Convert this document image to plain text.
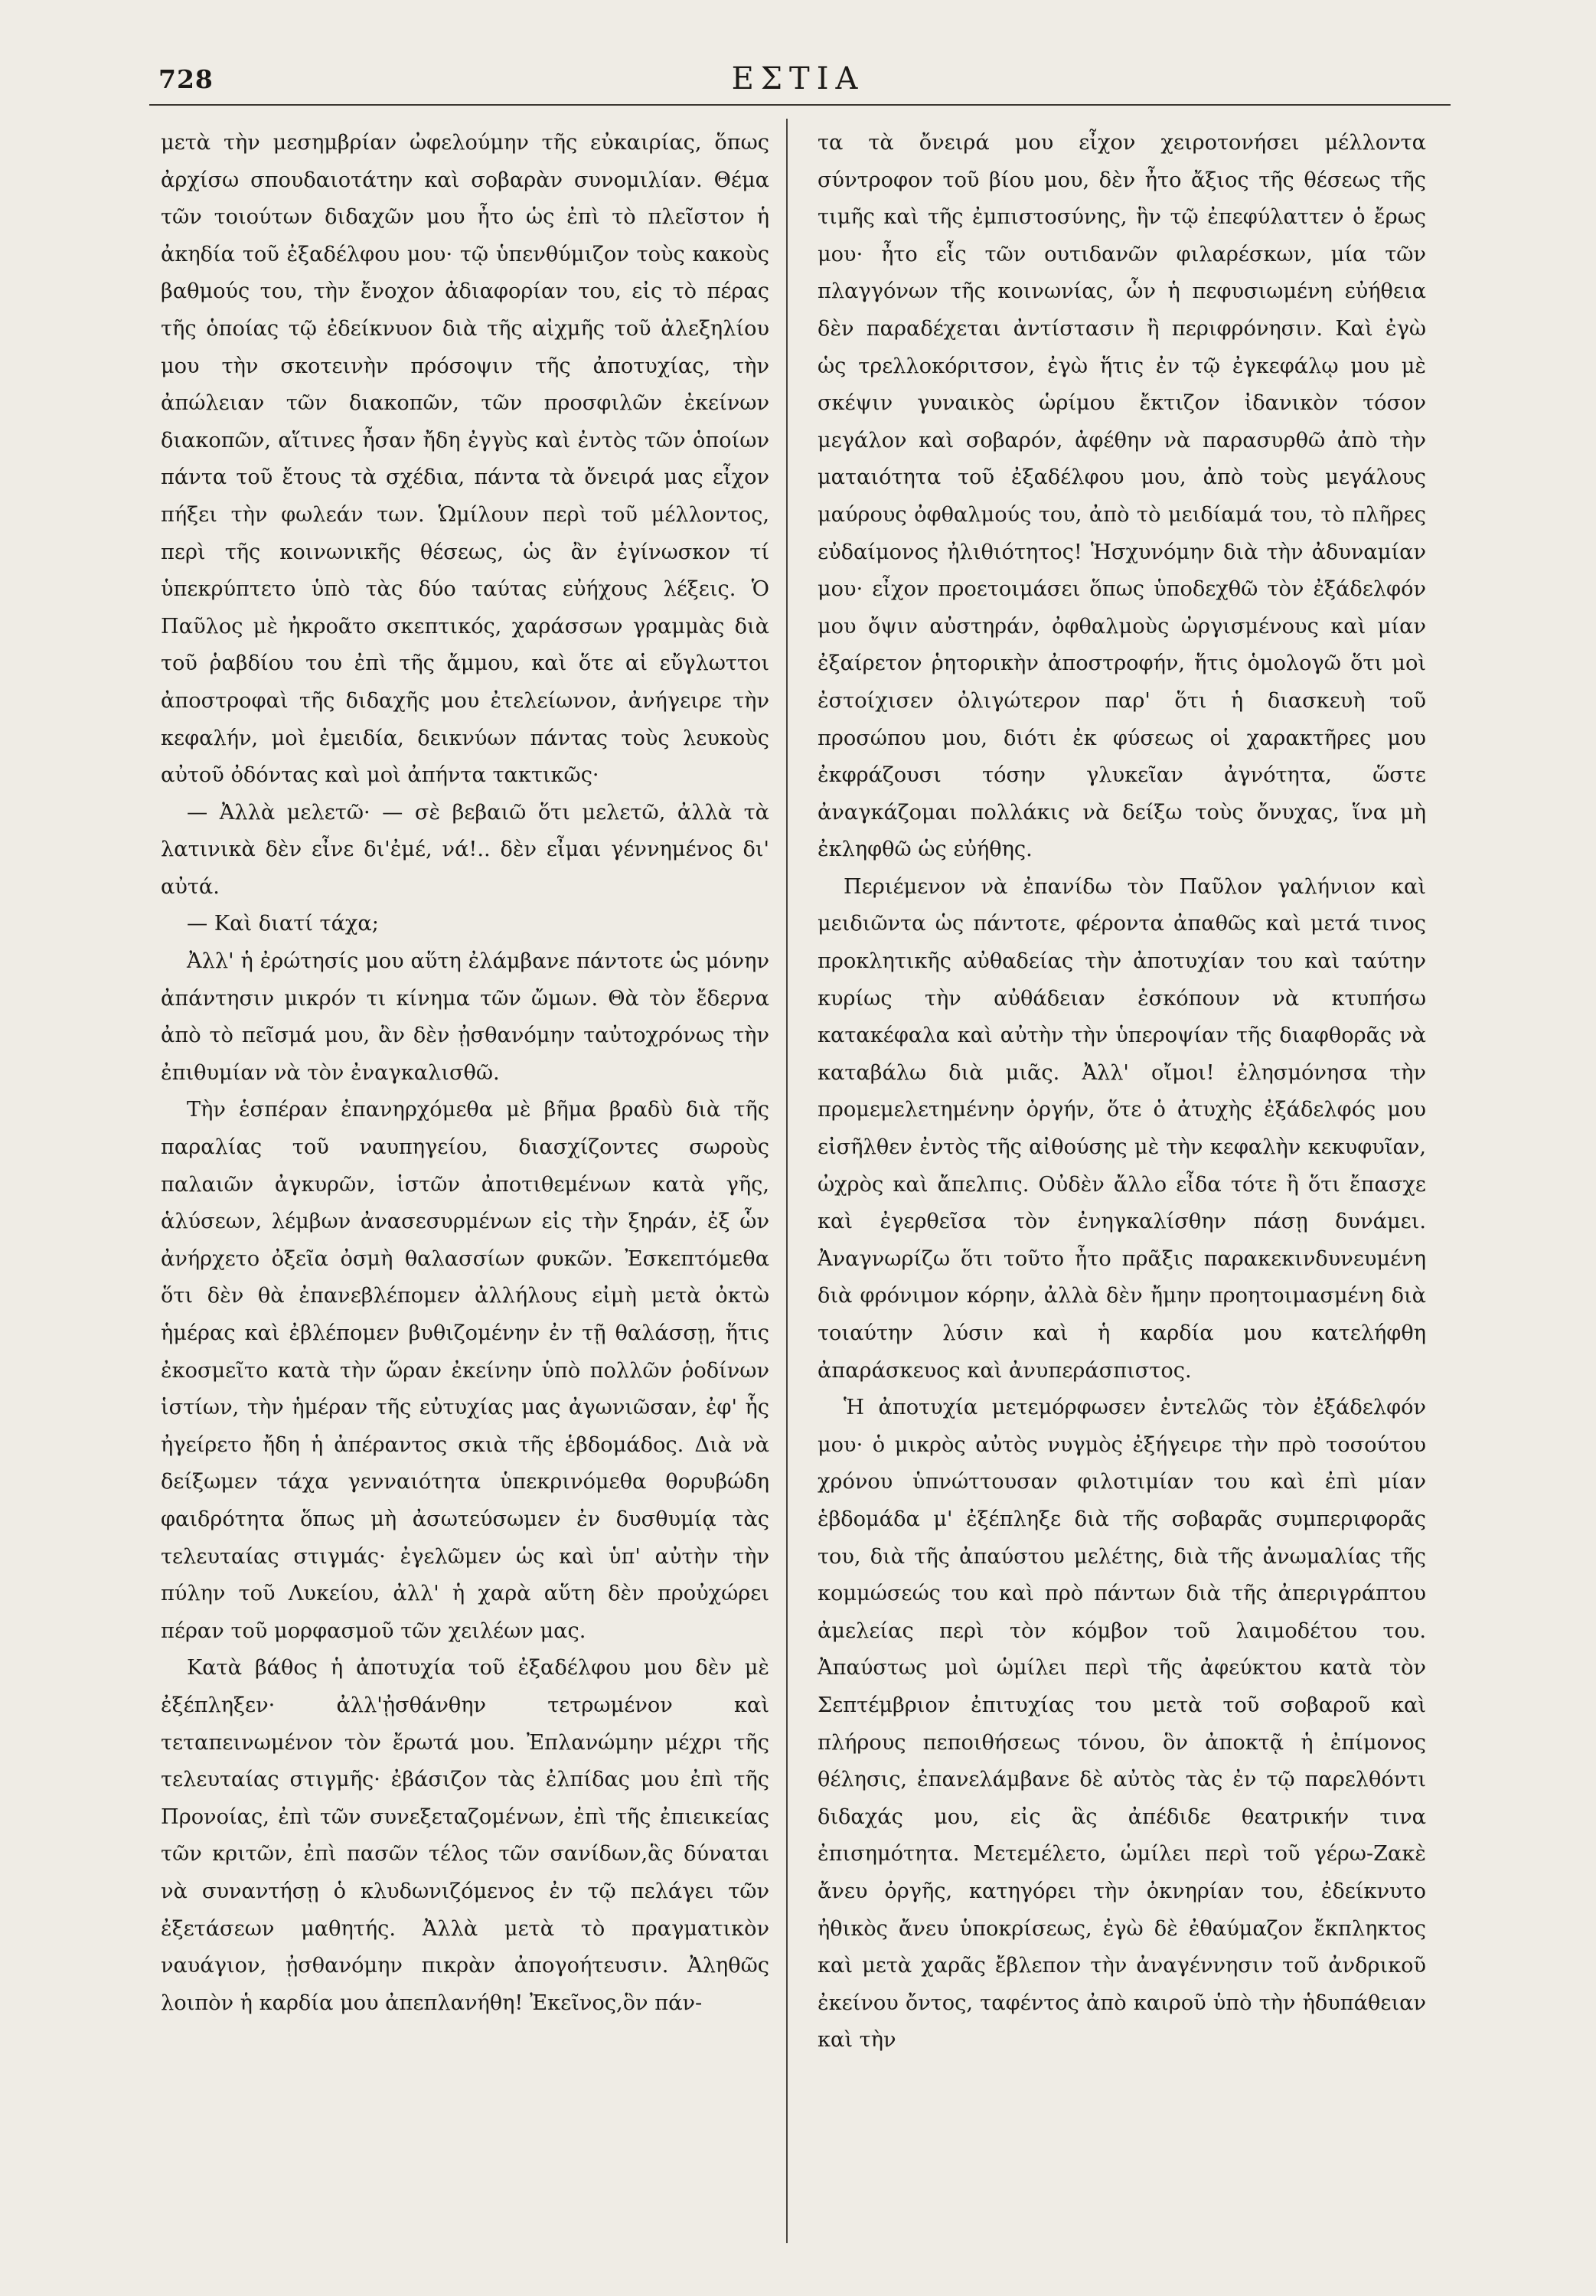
728	ΕΣΤΙΑ

μετὰ τὴν μεσημβρίαν ὠφελούμην τῆς εὐκαιρίας, ὅπως ἀρχίσω σπουδαιοτάτην καὶ σοβαρὰν συνομιλίαν. Θέμα τῶν τοιούτων διδαχῶν μου ἦτο ὡς ἐπὶ τὸ πλεῖστον ἡ ἀκηδία τοῦ ἐξαδέλφου μου· τῷ ὑπενθύμιζον τοὺς κακοὺς βαθμούς του, τὴν ἔνοχον ἀδιαφορίαν του, εἰς τὸ πέρας τῆς ὁποίας τῷ ἐδείκνυον διὰ τῆς αἰχμῆς τοῦ ἀλεξηλίου μου τὴν σκοτεινὴν πρόσοψιν τῆς ἀποτυχίας, τὴν ἀπώλειαν τῶν διακοπῶν, τῶν προσφιλῶν ἐκείνων διακοπῶν, αἵτινες ἦσαν ἤδη ἐγγὺς καὶ ἐντὸς τῶν ὁποίων πάντα τοῦ ἔτους τὰ σχέδια, πάντα τὰ ὄνειρά μας εἶχον πήξει τὴν φωλεάν των. Ὡμίλουν περὶ τοῦ μέλλοντος, περὶ τῆς κοινωνικῆς θέσεως, ὡς ἂν ἐγίνωσκον τί ὑπεκρύπτετο ὑπὸ τὰς δύο ταύτας εὐήχους λέξεις. Ὁ Παῦλος μὲ ἠκροᾶτο σκεπτικός, χαράσσων γραμμὰς διὰ τοῦ ῥαβδίου του ἐπὶ τῆς ἄμμου, καὶ ὅτε αἱ εὔγλωττοι ἀποστροφαὶ τῆς διδαχῆς μου ἐτελείωνον, ἀνήγειρε τὴν κεφαλήν, μοὶ ἐμειδία, δεικνύων πάντας τοὺς λευκοὺς αὐτοῦ ὀδόντας καὶ μοὶ ἀπήντα τακτικῶς·

— Ἀλλὰ μελετῶ· — σὲ βεβαιῶ ὅτι μελετῶ, ἀλλὰ τὰ λατινικὰ δὲν εἶνε δι'ἐμέ, νά!.. δὲν εἶμαι γέννημένος δι' αὐτά.

— Καὶ διατί τάχα;

Ἀλλ' ἡ ἐρώτησίς μου αὕτη ἐλάμβανε πάντοτε ὡς μόνην ἀπάντησιν μικρόν τι κίνημα τῶν ὤμων. Θὰ τὸν ἔδερνα ἀπὸ τὸ πεῖσμά μου, ἂν δὲν ᾐσθανόμην ταὐτοχρόνως τὴν ἐπιθυμίαν νὰ τὸν ἐναγκαλισθῶ.

Τὴν ἑσπέραν ἐπανηρχόμεθα μὲ βῆμα βραδὺ διὰ τῆς παραλίας τοῦ ναυπηγείου, διασχίζοντες σωροὺς παλαιῶν ἀγκυρῶν, ἱστῶν ἀποτιθεμένων κατὰ γῆς, ἁλύσεων, λέμβων ἀνασεσυρμένων εἰς τὴν ξηράν, ἐξ ὧν ἀνήρχετο ὀξεῖα ὀσμὴ θαλασσίων φυκῶν. Ἐσκεπτόμεθα ὅτι δὲν θὰ ἐπανεβλέπομεν ἀλλήλους εἰμὴ μετὰ ὀκτὼ ἡμέρας καὶ ἐβλέπομεν βυθιζομένην ἐν τῇ θαλάσσῃ, ἥτις ἐκοσμεῖτο κατὰ τὴν ὥραν ἐκείνην ὑπὸ πολλῶν ῥοδίνων ἱστίων, τὴν ἡμέραν τῆς εὐτυχίας μας ἀγωνιῶσαν, ἐφ' ἧς ἠγείρετο ἤδη ἡ ἀπέραντος σκιὰ τῆς ἑβδομάδος. Διὰ νὰ δείξωμεν τάχα γενναιότητα ὑπεκρινόμεθα θορυβώδη φαιδρότητα ὅπως μὴ ἀσωτεύσωμεν ἐν δυσθυμίᾳ τὰς τελευταίας στιγμάς· ἐγελῶμεν ὡς καὶ ὑπ' αὐτὴν τὴν πύλην τοῦ Λυκείου, ἀλλ' ἡ χαρὰ αὕτη δὲν προὐχώρει πέραν τοῦ μορφασμοῦ τῶν χειλέων μας.

Κατὰ βάθος ἡ ἀποτυχία τοῦ ἐξαδέλφου μου δὲν μὲ ἐξέπληξεν· ἀλλ'ᾐσθάνθην τετρωμένον καὶ τεταπεινωμένον τὸν ἔρωτά μου. Ἐπλανώμην μέχρι τῆς τελευταίας στιγμῆς· ἐβάσιζον τὰς ἐλπίδας μου ἐπὶ τῆς Προνοίας, ἐπὶ τῶν συνεξεταζομένων, ἐπὶ τῆς ἐπιεικείας τῶν κριτῶν, ἐπὶ πασῶν τέλος τῶν σανίδων,ἃς δύναται νὰ συναντήσῃ ὁ κλυδωνιζόμενος ἐν τῷ πελάγει τῶν ἐξετάσεων μαθητής. Ἀλλὰ μετὰ τὸ πραγματικὸν ναυάγιον, ᾐσθανόμην πικρὰν ἀπογοήτευσιν. Ἀληθῶς λοιπὸν ἡ καρδία μου ἀπεπλανήθη! Ἐκεῖνος,ὃν πάν-

τα τὰ ὄνειρά μου εἶχον χειροτονήσει μέλλοντα σύντροφον τοῦ βίου μου, δὲν ἦτο ἄξιος τῆς θέσεως τῆς τιμῆς καὶ τῆς ἐμπιστοσύνης, ἣν τῷ ἐπεφύλαττεν ὁ ἔρως μου· ἦτο εἷς τῶν ουτιδανῶν φιλαρέσκων, μία τῶν πλαγγόνων τῆς κοινωνίας, ὧν ἡ πεφυσιωμένη εὐήθεια δὲν παραδέχεται ἀντίστασιν ἢ περιφρόνησιν. Καὶ ἐγὼ ὡς τρελλοκόριτσον, ἐγὼ ἥτις ἐν τῷ ἐγκεφάλῳ μου μὲ σκέψιν γυναικὸς ὡρίμου ἔκτιζον ἰδανικὸν τόσον μεγάλον καὶ σοβαρόν, ἀφέθην νὰ παρασυρθῶ ἀπὸ τὴν ματαιότητα τοῦ ἐξαδέλφου μου, ἀπὸ τοὺς μεγάλους μαύρους ὀφθαλμούς του, ἀπὸ τὸ μειδίαμά του, τὸ πλῆρες εὐδαίμονος ἠλιθιότητος! Ἡσχυνόμην διὰ τὴν ἀδυναμίαν μου· εἶχον προετοιμάσει ὅπως ὑποδεχθῶ τὸν ἐξάδελφόν μου ὄψιν αὐστηράν, ὀφθαλμοὺς ὠργισμένους καὶ μίαν ἐξαίρετον ῥητορικὴν ἀποστροφήν, ἥτις ὁμολογῶ ὅτι μοὶ ἐστοίχισεν ὀλιγώτερον παρ' ὅτι ἡ διασκευὴ τοῦ προσώπου μου, διότι ἐκ φύσεως οἱ χαρακτῆρες μου ἐκφράζουσι τόσην γλυκεῖαν ἀγνότητα, ὥστε ἀναγκάζομαι πολλάκις νὰ δείξω τοὺς ὄνυχας, ἵνα μὴ ἐκληφθῶ ὡς εὐήθης.

Περιέμενον νὰ ἐπανίδω τὸν Παῦλον γαλήνιον καὶ μειδιῶντα ὡς πάντοτε, φέροντα ἀπαθῶς καὶ μετά τινος προκλητικῆς αὐθαδείας τὴν ἀποτυχίαν του καὶ ταύτην κυρίως τὴν αὐθάδειαν ἐσκόπουν νὰ κτυπήσω κατακέφαλα καὶ αὐτὴν τὴν ὑπεροψίαν τῆς διαφθορᾶς νὰ καταβάλω διὰ μιᾶς. Ἀλλ' οἴμοι! ἐλησμόνησα τὴν προμεμελετημένην ὀργήν, ὅτε ὁ ἀτυχὴς ἐξάδελφός μου εἰσῆλθεν ἐντὸς τῆς αἰθούσης μὲ τὴν κεφαλὴν κεκυφυῖαν, ὠχρὸς καὶ ἄπελπις. Οὐδὲν ἄλλο εἶδα τότε ἢ ὅτι ἔπασχε καὶ ἐγερθεῖσα τὸν ἐνηγκαλίσθην πάσῃ δυνάμει. Ἀναγνωρίζω ὅτι τοῦτο ἦτο πρᾶξις παρακεκινδυνευμένη διὰ φρόνιμον κόρην, ἀλλὰ δὲν ἤμην προητοιμασμένη διὰ τοιαύτην λύσιν καὶ ἡ καρδία μου κατελήφθη ἀπαράσκευος καὶ ἀνυπεράσπιστος.

Ἡ ἀποτυχία μετεμόρφωσεν ἐντελῶς τὸν ἐξάδελφόν μου· ὁ μικρὸς αὐτὸς νυγμὸς ἐξήγειρε τὴν πρὸ τοσούτου χρόνου ὑπνώττουσαν φιλοτιμίαν του καὶ ἐπὶ μίαν ἑβδομάδα μ' ἐξέπληξε διὰ τῆς σοβαρᾶς συμπεριφορᾶς του, διὰ τῆς ἀπαύστου μελέτης, διὰ τῆς ἀνωμαλίας τῆς κομμώσεώς του καὶ πρὸ πάντων διὰ τῆς ἀπεριγράπτου ἀμελείας περὶ τὸν κόμβον τοῦ λαιμοδέτου του. Ἀπαύστως μοὶ ὡμίλει περὶ τῆς ἀφεύκτου κατὰ τὸν Σεπτέμβριον ἐπιτυχίας του μετὰ τοῦ σοβαροῦ καὶ πλήρους πεποιθήσεως τόνου, ὃν ἀποκτᾷ ἡ ἐπίμονος θέλησις, ἐπανελάμβανε δὲ αὐτὸς τὰς ἐν τῷ παρελθόντι διδαχάς μου, εἰς ἃς ἀπέδιδε θεατρικήν τινα ἐπισημότητα. Μετεμέλετο, ὡμίλει περὶ τοῦ γέρω-Ζακὲ ἄνευ ὀργῆς, κατηγόρει τὴν ὀκνηρίαν του, ἐδείκνυτο ἠθικὸς ἄνευ ὑποκρίσεως, ἐγὼ δὲ ἐθαύμαζον ἔκπληκτος καὶ μετὰ χαρᾶς ἔβλεπον τὴν ἀναγέννησιν τοῦ ἀνδρικοῦ ἐκείνου ὄντος, ταφέντος ἀπὸ καιροῦ ὑπὸ τὴν ἡδυπάθειαν καὶ τὴν
